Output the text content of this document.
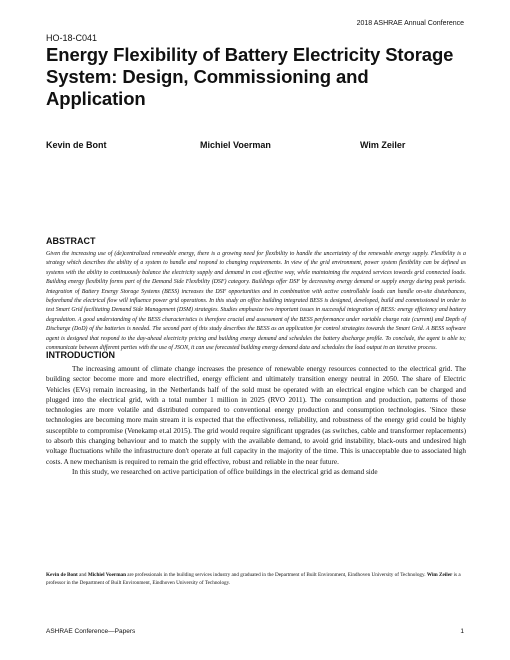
2018 ASHRAE Annual Conference
HO-18-C041
Energy Flexibility of Battery Electricity Storage System: Design, Commissioning and Application
Kevin de Bont	Michiel Voerman	Wim Zeiler
ABSTRACT
Given the increasing use of (de)centralized renewable energy, there is a growing need for flexibility to handle the uncertainty of the renewable energy supply. Flexibility is a strategy which describes the ability of a system to handle and respond to changing requirements. In view of the grid environment, power system flexibility can be defined as systems with the ability to continuously balance the electricity supply and demand in cost effective way, while maintaining the required services towards grid connected loads. Building energy flexibility forms part of the Demand Side Flexibility (DSF) category. Buildings offer DSF by decreasing energy demand or supply energy during peak periods. Integration of Battery Energy Storage Systems (BESS) increases the DSF opportunities and in combination with active controllable loads can handle on-site disturbances, beforehand the electrical flow will influence power grid operations. In this study an office building integrated BESS is designed, developed, build and commissioned in order to test Smart Grid facilitating Demand Side Management (DSM) strategies. Studies emphasize two important issues in successful integration of BESS: energy efficiency and battery degradation. A good understanding of the BESS characteristics is therefore crucial and assessment of the BESS performance under variable charge rate (current) and Depth of Discharge (DoD) of the batteries is needed. The second part of this study describes the BESS as an application for control strategies towards the Smart Grid. A BESS software agent is designed that respond to the day-ahead electricity pricing and building energy demand and schedules the battery discharge profile. To conclude, the agent is able to; communicate between different parties with the use of JSON, it can use forecasted building energy demand data and schedules the load output in an iterative process.
INTRODUCTION

The increasing amount of climate change increases the presence of renewable energy resources connected to the electrical grid. The building sector become more and more electrified, energy efficient and ultimately transition energy neutral in 2050. The share of Electric Vehicles (EVs) remain increasing, in the Netherlands half of the sold must be operated with an electrical engine which can be charged and plugged into the electrical grid, with a total number 1 million in 2025 (RVO 2011). The consumption and production, patterns of those technologies are more volatile and distributed compared to conventional energy production and consumption technologies. 'Since these technologies are becoming more main stream it is expected that the effectiveness, reliability, and robustness of the energy grid could be highly susceptible to compromise (Venekamp et.al 2015). The grid would require significant upgrades (as switches, cable and transformer replacements) to absorb this changing behaviour and to match the supply with the available demand, to avoid grid instability, black-outs and undesired high voltage fluctuations while the infrastructure don't operate at full capacity in the majority of the time. This is unacceptable due to associated high costs. A new mechanism is required to remain the grid effective, robust and reliable in the near future.

In this study, we researched on active participation of office buildings in the electrical grid as demand side

Kevin de Bont and Michiel Voerman are professionals in the building services industry and graduated in the Department of Built Environment, Eindhoven University of Technology. Wim Zeiler is a professor in the Department of Built Environment, Eindhoven University of Technology.
ASHRAE Conference—Papers	1
